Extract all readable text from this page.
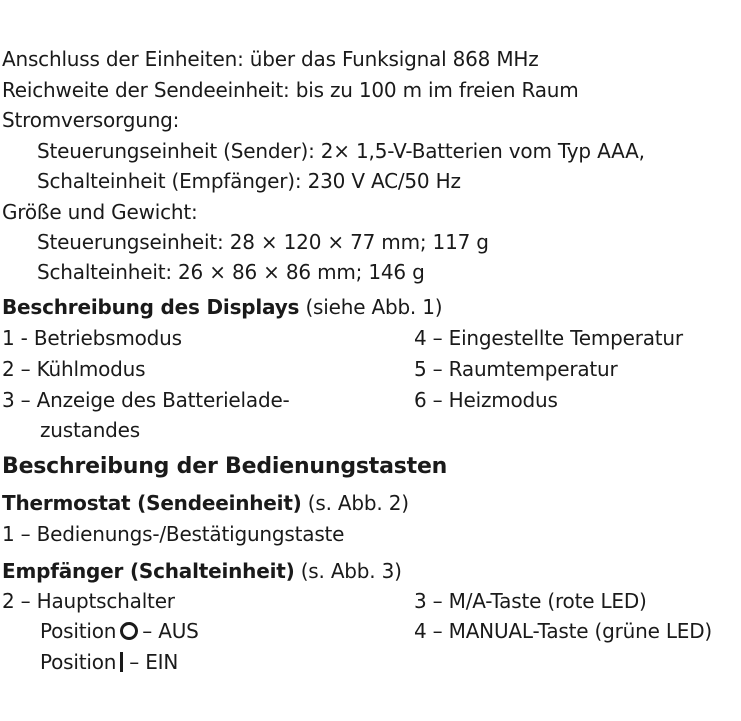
Anschluss der Einheiten: über das Funksignal 868 MHz
Reichweite der Sendeeinheit: bis zu 100 m im freien Raum
Stromversorgung:
Steuerungseinheit (Sender): 2× 1,5-V-Batterien vom Typ AAA,
Schalteinheit (Empfänger): 230 V AC/50 Hz
Größe und Gewicht:
Steuerungseinheit: 28 × 120 × 77 mm; 117 g
Schalteinheit: 26 × 86 × 86 mm; 146 g
Beschreibung des Displays (siehe Abb. 1)
1 - Betriebsmodus
2 – Kühlmodus
3 – Anzeige des Batterielade-
zustandes
4 – Eingestellte Temperatur
5 – Raumtemperatur
6 – Heizmodus
Beschreibung der Bedienungstasten
Thermostat (Sendeeinheit) (s. Abb. 2)
1 – Bedienungs-/Bestätigungstaste
Empfänger (Schalteinheit) (s. Abb. 3)
2 – Hauptschalter
Position – AUS
Position – EIN
3 – M/A-Taste (rote LED)
4 – MANUAL-Taste (grüne LED)
